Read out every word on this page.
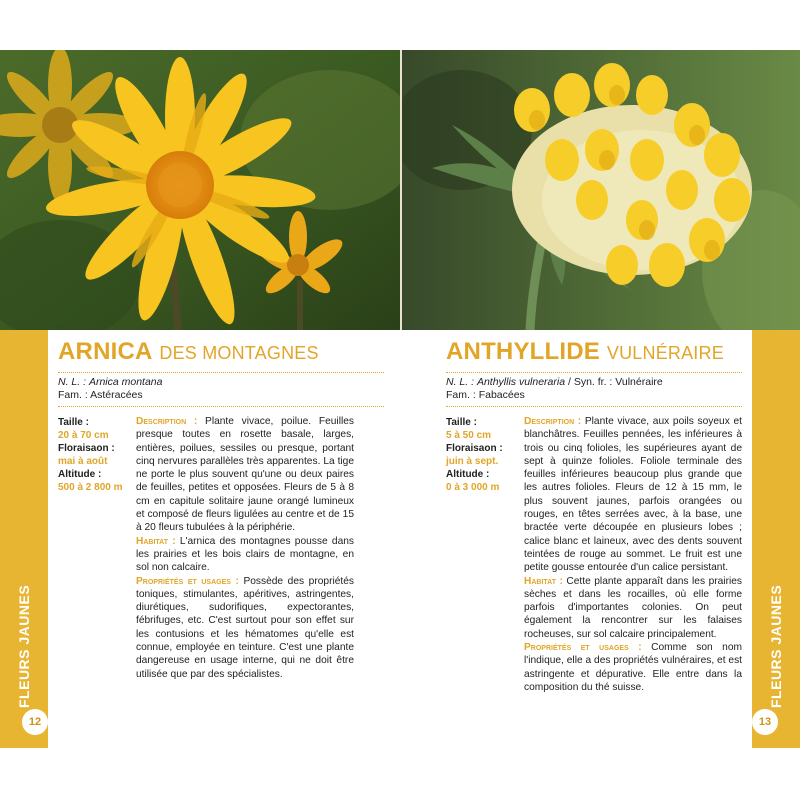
FLEURS JAUNES	FLEURS JAUNES
12	13
ARNICA DES MONTAGNES
N. L. : Arnica montana
Fam. : Astéracées
Taille :
20 à 70 cm
Floraisaon :
mai à août
Altitude :
500 à 2 800 m

Description : Plante vivace, poilue. Feuilles presque toutes en rosette basale, larges, entières, poilues, sessiles ou presque, portant cinq nervures parallèles très apparentes. La tige ne porte le plus souvent qu'une ou deux paires de feuilles, petites et opposées. Fleurs de 5 à 8 cm en capitule solitaire jaune orangé lumineux et composé de fleurs ligulées au centre et de 15 à 20 fleurs tubulées à la périphérie.

Habitat : L'arnica des montagnes pousse dans les prairies et les bois clairs de montagne, en sol non calcaire.

Propriétés et usages : Possède des propriétés toniques, stimulantes, apéritives, astringentes, diurétiques, sudorifiques, expectorantes, fébrifuges, etc. C'est surtout pour son effet sur les contusions et les hématomes qu'elle est connue, employée en teinture. C'est une plante dangereuse en usage interne, qui ne doit être utilisée que par des spécialistes.

ANTHYLLIDE VULNÉRAIRE
N. L. : Anthyllis vulneraria / Syn. fr. : Vulnéraire
Fam. : Fabacées
Taille :
5 à 50 cm
Floraisaon :
juin à sept.
Altitude :
0 à 3 000 m

Description : Plante vivace, aux poils soyeux et blanchâtres. Feuilles pennées, les inférieures à trois ou cinq folioles, les supérieures ayant de sept à quinze folioles. Foliole terminale des feuilles inférieures beaucoup plus grande que les autres folioles. Fleurs de 12 à 15 mm, le plus souvent jaunes, parfois orangées ou rouges, en têtes serrées avec, à la base, une bractée verte découpée en plusieurs lobes ; calice blanc et laineux, avec des dents souvent teintées de rouge au sommet. Le fruit est une petite gousse entourée d'un calice persistant.

Habitat : Cette plante apparaît dans les prairies sèches et dans les rocailles, où elle forme parfois d'importantes colonies. On peut également la rencontrer sur les falaises rocheuses, sur sol calcaire principalement.

Propriétés et usages : Comme son nom l'indique, elle a des propriétés vulnéraires, et est astringente et dépurative. Elle entre dans la composition du thé suisse.
